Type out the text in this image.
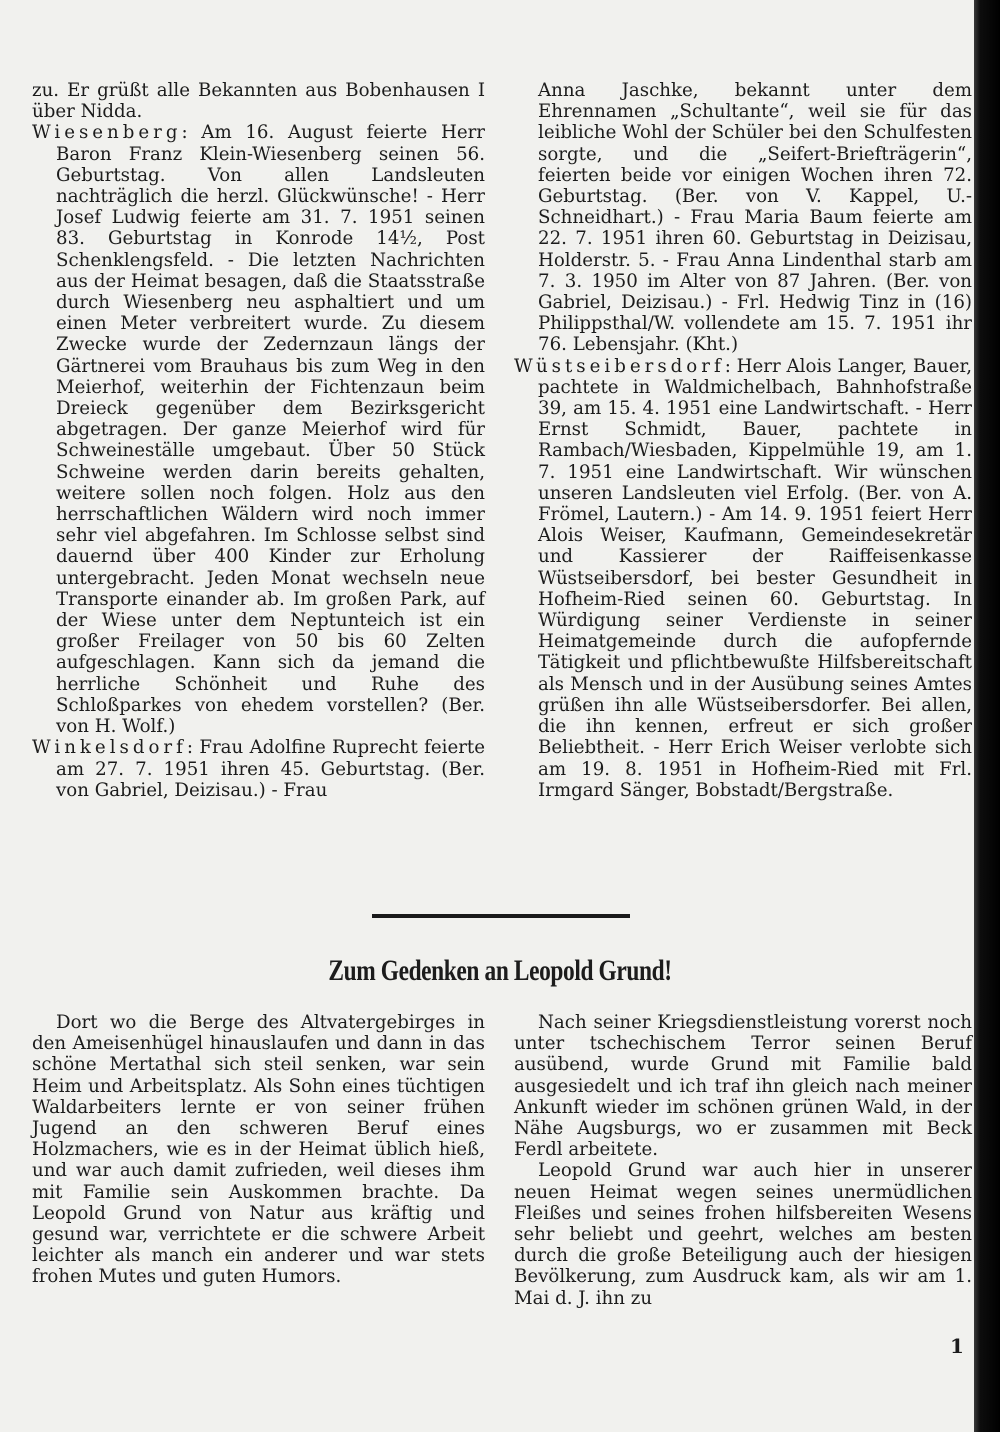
zu. Er grüßt alle Bekannten aus Bobenhausen I über Nidda.

Wiesenberg: Am 16. August feierte Herr Baron Franz Klein-Wiesenberg seinen 56. Geburtstag. Von allen Landsleuten nachträglich die herzl. Glückwünsche! - Herr Josef Ludwig feierte am 31. 7. 1951 seinen 83. Geburtstag in Konrode 14½, Post Schenklengsfeld. - Die letzten Nachrichten aus der Heimat besagen, daß die Staatsstraße durch Wiesenberg neu asphaltiert und um einen Meter verbreitert wurde. Zu diesem Zwecke wurde der Zedernzaun längs der Gärtnerei vom Brauhaus bis zum Weg in den Meierhof, weiterhin der Fichtenzaun beim Dreieck gegenüber dem Bezirksgericht abgetragen. Der ganze Meierhof wird für Schweineställe umgebaut. Über 50 Stück Schweine werden darin bereits gehalten, weitere sollen noch folgen. Holz aus den herrschaftlichen Wäldern wird noch immer sehr viel abgefahren. Im Schlosse selbst sind dauernd über 400 Kinder zur Erholung untergebracht. Jeden Monat wechseln neue Transporte einander ab. Im großen Park, auf der Wiese unter dem Neptunteich ist ein großer Freilager von 50 bis 60 Zelten aufgeschlagen. Kann sich da jemand die herrliche Schönheit und Ruhe des Schloßparkes von ehedem vorstellen? (Ber. von H. Wolf.)

Winkelsdorf: Frau Adolfine Ruprecht feierte am 27. 7. 1951 ihren 45. Geburtstag. (Ber. von Gabriel, Deizisau.) - Frau

Anna Jaschke, bekannt unter dem Ehrennamen „Schultante“, weil sie für das leibliche Wohl der Schüler bei den Schulfesten sorgte, und die „Seifert-Briefträgerin“, feierten beide vor einigen Wochen ihren 72. Geburtstag. (Ber. von V. Kappel, U.-Schneidhart.) - Frau Maria Baum feierte am 22. 7. 1951 ihren 60. Geburtstag in Deizisau, Holderstr. 5. - Frau Anna Lindenthal starb am 7. 3. 1950 im Alter von 87 Jahren. (Ber. von Gabriel, Deizisau.) - Frl. Hedwig Tinz in (16) Philippsthal/W. vollendete am 15. 7. 1951 ihr 76. Lebensjahr. (Kht.)

Wüstseibersdorf: Herr Alois Langer, Bauer, pachtete in Waldmichelbach, Bahnhofstraße 39, am 15. 4. 1951 eine Landwirtschaft. - Herr Ernst Schmidt, Bauer, pachtete in Rambach/Wiesbaden, Kippelmühle 19, am 1. 7. 1951 eine Landwirtschaft. Wir wünschen unseren Landsleuten viel Erfolg. (Ber. von A. Frömel, Lautern.) - Am 14. 9. 1951 feiert Herr Alois Weiser, Kaufmann, Gemeindesekretär und Kassierer der Raiffeisenkasse Wüstseibersdorf, bei bester Gesundheit in Hofheim-Ried seinen 60. Geburtstag. In Würdigung seiner Verdienste in seiner Heimatgemeinde durch die aufopfernde Tätigkeit und pflichtbewußte Hilfsbereitschaft als Mensch und in der Ausübung seines Amtes grüßen ihn alle Wüstseibersdorfer. Bei allen, die ihn kennen, erfreut er sich großer Beliebtheit. - Herr Erich Weiser verlobte sich am 19. 8. 1951 in Hofheim-Ried mit Frl. Irmgard Sänger, Bobstadt/Bergstraße.

Zum Gedenken an Leopold Grund!

Dort wo die Berge des Altvatergebirges in den Ameisenhügel hinauslaufen und dann in das schöne Mertathal sich steil senken, war sein Heim und Arbeitsplatz. Als Sohn eines tüchtigen Waldarbeiters lernte er von seiner frühen Jugend an den schweren Beruf eines Holzmachers, wie es in der Heimat üblich hieß, und war auch damit zufrieden, weil dieses ihm mit Familie sein Auskommen brachte. Da Leopold Grund von Natur aus kräftig und gesund war, verrichtete er die schwere Arbeit leichter als manch ein anderer und war stets frohen Mutes und guten Humors.

Nach seiner Kriegsdienstleistung vorerst noch unter tschechischem Terror seinen Beruf ausübend, wurde Grund mit Familie bald ausgesiedelt und ich traf ihn gleich nach meiner Ankunft wieder im schönen grünen Wald, in der Nähe Augsburgs, wo er zusammen mit Beck Ferdl arbeitete.

Leopold Grund war auch hier in unserer neuen Heimat wegen seines unermüdlichen Fleißes und seines frohen hilfsbereiten Wesens sehr beliebt und geehrt, welches am besten durch die große Beteiligung auch der hiesigen Bevölkerung, zum Ausdruck kam, als wir am 1. Mai d. J. ihn zu

1
